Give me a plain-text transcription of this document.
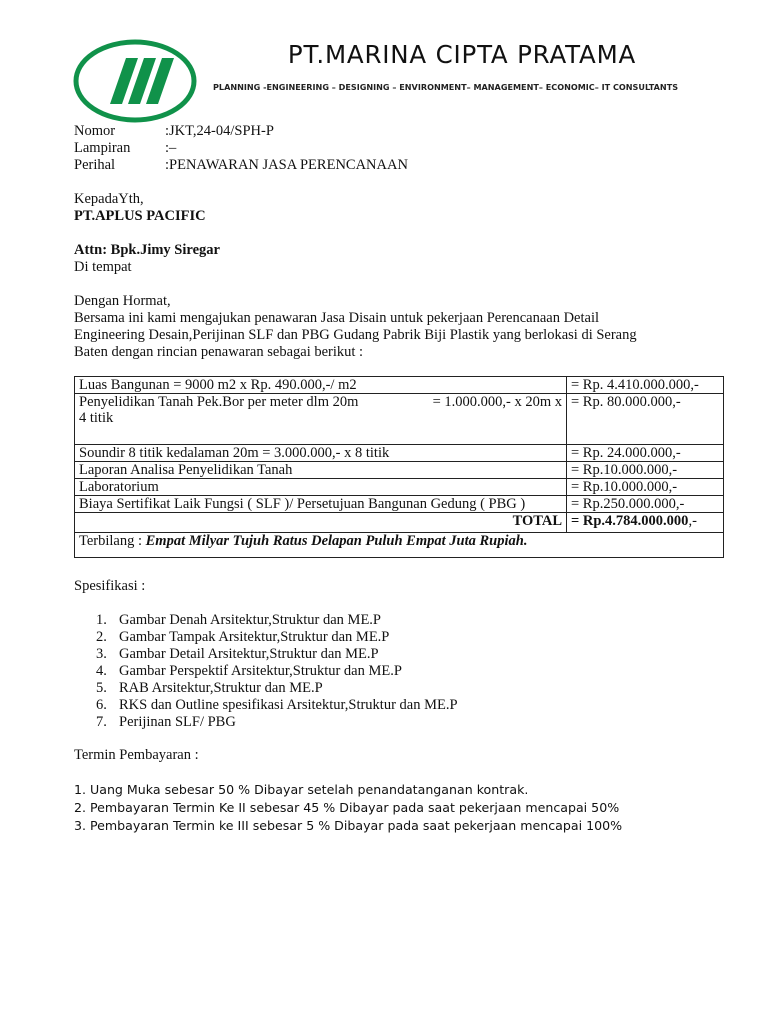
PT.MARINA CIPTA PRATAMA
PLANNING -ENGINEERING – DESIGNING – ENVIRONMENT– MANAGEMENT– ECONOMIC– IT CONSULTANTS
Nomor	:JKT,24-04/SPH-P
Lampiran	:–
Perihal	:PENAWARAN JASA PERENCANAAN
KepadaYth,
PT.APLUS PACIFIC
Attn: Bpk.Jimy Siregar
Di tempat
Dengan Hormat,
Bersama ini kami mengajukan penawaran Jasa Disain untuk pekerjaan Perencanaan Detail
Engineering Desain,Perijinan SLF dan PBG Gudang Pabrik Biji Plastik yang berlokasi di Serang
Baten dengan rincian penawaran sebagai berikut :
Luas Bangunan = 9000 m2 x Rp. 490.000,-/ m2	= Rp. 4.410.000.000,-

Penyelidikan Tanah Pek.Bor per meter dlm 20m = 1.000.000,- x 20m x
4 titik	= Rp. 80.000.000,-
Soundir 8 titik kedalaman 20m = 3.000.000,- x 8 titik	= Rp. 24.000.000,-
Laporan Analisa Penyelidikan Tanah	= Rp.10.000.000,-
Laboratorium	= Rp.10.000.000,-
Biaya Sertifikat Laik Fungsi ( SLF )/ Persetujuan Bangunan Gedung ( PBG )	= Rp.250.000.000,-
TOTAL	= Rp.4.784.000.000,-
Terbilang : Empat Milyar Tujuh Ratus Delapan Puluh Empat Juta Rupiah.	
Spesifikasi :
1. Gambar Denah Arsitektur,Struktur dan ME.P
2. Gambar Tampak Arsitektur,Struktur dan ME.P
3. Gambar Detail Arsitektur,Struktur dan ME.P
4. Gambar Perspektif Arsitektur,Struktur dan ME.P
5. RAB Arsitektur,Struktur dan ME.P
6. RKS dan Outline spesifikasi Arsitektur,Struktur dan ME.P
7. Perijinan SLF/ PBG
Termin Pembayaran :
1. Uang Muka sebesar 50 % Dibayar setelah penandatanganan kontrak.
2. Pembayaran Termin Ke II sebesar 45 % Dibayar pada saat pekerjaan mencapai 50%
3. Pembayaran Termin ke III sebesar 5 % Dibayar pada saat pekerjaan mencapai 100%
